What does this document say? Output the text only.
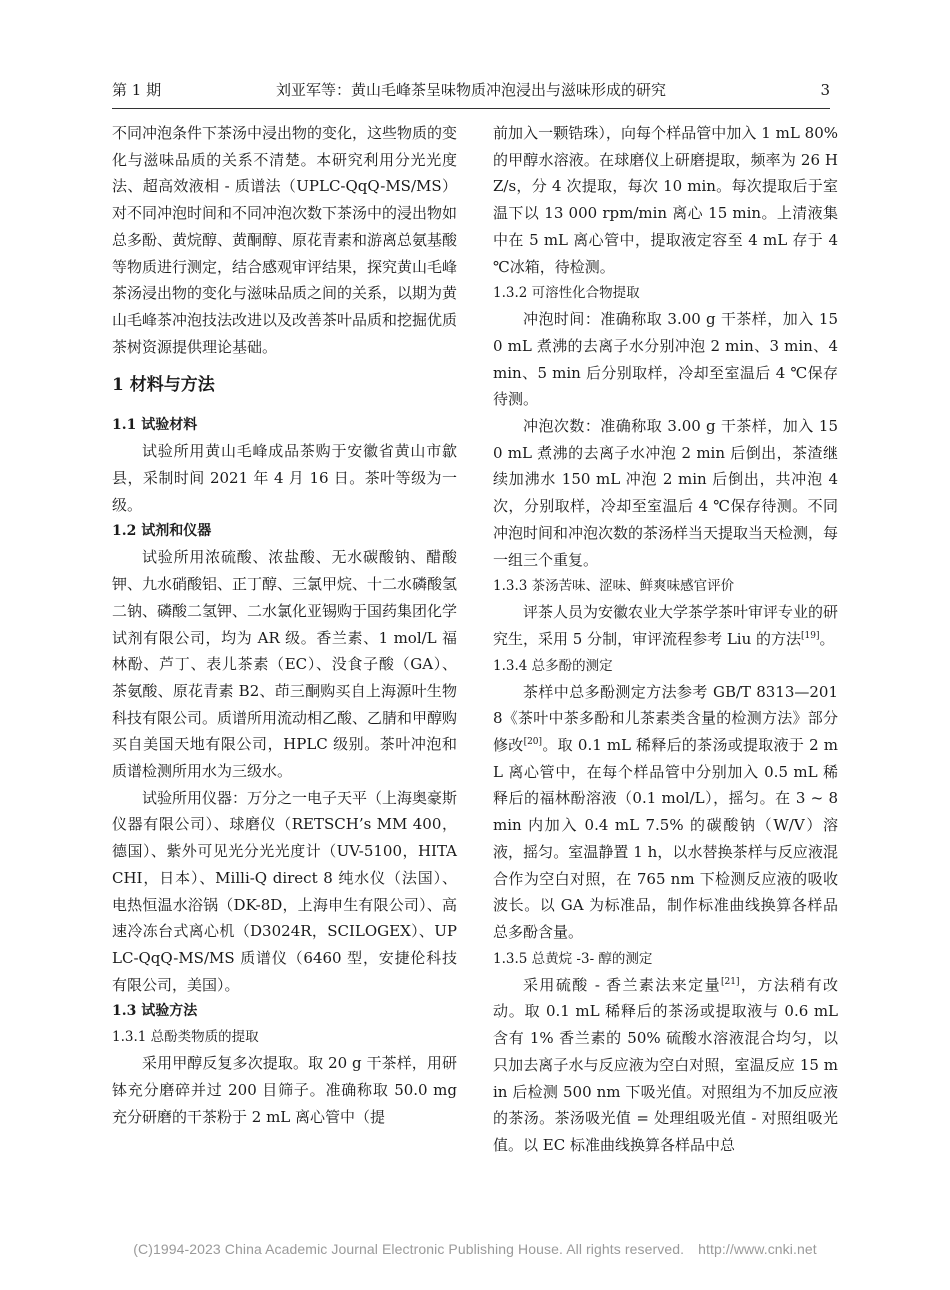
第 1 期	刘亚军等：黄山毛峰茶呈味物质冲泡浸出与滋味形成的研究	3

不同冲泡条件下茶汤中浸出物的变化，这些物质的变化与滋味品质的关系不清楚。本研究利用分光光度法、超高效液相 - 质谱法（UPLC-QqQ-MS/MS）对不同冲泡时间和不同冲泡次数下茶汤中的浸出物如总多酚、黄烷醇、黄酮醇、原花青素和游离总氨基酸等物质进行测定，结合感观审评结果，探究黄山毛峰茶汤浸出物的变化与滋味品质之间的关系，以期为黄山毛峰茶冲泡技法改进以及改善茶叶品质和挖掘优质茶树资源提供理论基础。

1 材料与方法
1.1 试验材料

试验所用黄山毛峰成品茶购于安徽省黄山市歙县，采制时间 2021 年 4 月 16 日。茶叶等级为一级。

1.2 试剂和仪器

试验所用浓硫酸、浓盐酸、无水碳酸钠、醋酸钾、九水硝酸铝、正丁醇、三氯甲烷、十二水磷酸氢二钠、磷酸二氢钾、二水氯化亚锡购于国药集团化学试剂有限公司，均为 AR 级。香兰素、1 mol/L 福林酚、芦丁、表儿茶素（EC）、没食子酸（GA）、茶氨酸、原花青素 B2、茚三酮购买自上海源叶生物科技有限公司。质谱所用流动相乙酸、乙腈和甲醇购买自美国天地有限公司，HPLC 级别。茶叶冲泡和质谱检测所用水为三级水。

试验所用仪器：万分之一电子天平（上海奥豪斯仪器有限公司）、球磨仪（RETSCH’s MM 400，德国）、紫外可见光分光光度计（UV-5100，HITACHI，日本）、Milli-Q direct 8 纯水仪（法国）、电热恒温水浴锅（DK-8D，上海申生有限公司）、高速冷冻台式离心机（D3024R，SCILOGEX）、UPLC-QqQ-MS/MS 质谱仪（6460 型，安捷伦科技有限公司，美国）。

1.3 试验方法
1.3.1 总酚类物质的提取

采用甲醇反复多次提取。取 20 g 干茶样，用研钵充分磨碎并过 200 目筛子。准确称取 50.0 mg 充分研磨的干茶粉于 2 mL 离心管中（提

前加入一颗锆珠），向每个样品管中加入 1 mL 80% 的甲醇水溶液。在球磨仪上研磨提取，频率为 26 HZ/s，分 4 次提取，每次 10 min。每次提取后于室温下以 13 000 rpm/min 离心 15 min。上清液集中在 5 mL 离心管中，提取液定容至 4 mL 存于 4 ℃冰箱，待检测。

1.3.2 可溶性化合物提取

冲泡时间：准确称取 3.00 g 干茶样，加入 150 mL 煮沸的去离子水分别冲泡 2 min、3 min、4 min、5 min 后分别取样，冷却至室温后 4 ℃保存待测。

冲泡次数：准确称取 3.00 g 干茶样，加入 150 mL 煮沸的去离子水冲泡 2 min 后倒出，茶渣继续加沸水 150 mL 冲泡 2 min 后倒出，共冲泡 4 次，分别取样，冷却至室温后 4 ℃保存待测。不同冲泡时间和冲泡次数的茶汤样当天提取当天检测，每一组三个重复。

1.3.3 茶汤苦味、涩味、鲜爽味感官评价

评茶人员为安徽农业大学茶学茶叶审评专业的研究生，采用 5 分制，审评流程参考 Liu 的方法[19]。

1.3.4 总多酚的测定

茶样中总多酚测定方法参考 GB/T 8313—2018《茶叶中茶多酚和儿茶素类含量的检测方法》部分修改[20]。取 0.1 mL 稀释后的茶汤或提取液于 2 mL 离心管中，在每个样品管中分别加入 0.5 mL 稀释后的福林酚溶液（0.1 mol/L），摇匀。在 3 ~ 8 min 内加入 0.4 mL 7.5% 的碳酸钠（W/V）溶液，摇匀。室温静置 1 h，以水替换茶样与反应液混合作为空白对照，在 765 nm 下检测反应液的吸收波长。以 GA 为标准品，制作标准曲线换算各样品总多酚含量。

1.3.5 总黄烷 -3- 醇的测定

采用硫酸 - 香兰素法来定量[21]，方法稍有改动。取 0.1 mL 稀释后的茶汤或提取液与 0.6 mL 含有 1% 香兰素的 50% 硫酸水溶液混合均匀，以只加去离子水与反应液为空白对照，室温反应 15 min 后检测 500 nm 下吸光值。对照组为不加反应液的茶汤。茶汤吸光值 = 处理组吸光值 - 对照组吸光值。以 EC 标准曲线换算各样品中总

(C)1994-2023 China Academic Journal Electronic Publishing House. All rights reserved. http://www.cnki.net
